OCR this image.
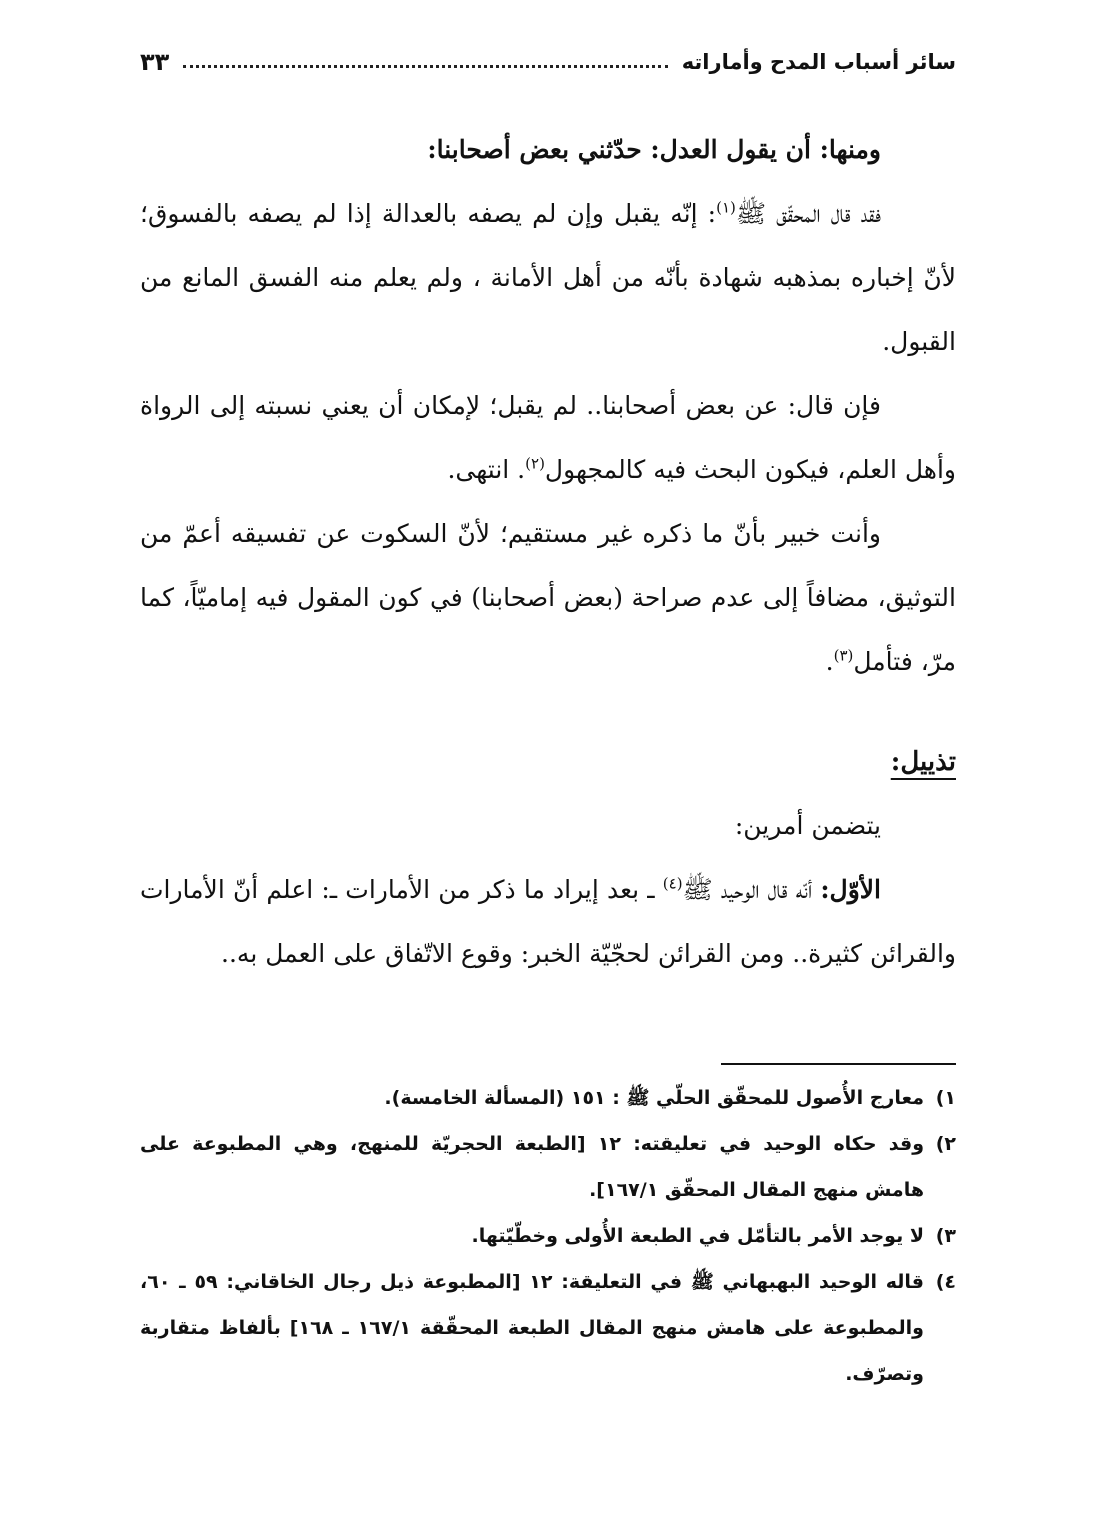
سائر أسباب المدح وأماراته
٣٣

ومنها: أن يقول العدل: حدّثني بعض أصحابنا:

فقد قال المحقّق ﷺ$^{(١)}$: إنّه يقبل وإن لم يصفه بالعدالة إذا لم يصفه بالفسوق؛ لأنّ إخباره بمذهبه شهادة بأنّه من أهل الأمانة ، ولم يعلم منه الفسق المانع من القبول.

فإن قال: عن بعض أصحابنا.. لم يقبل؛ لإمكان أن يعني نسبته إلى الرواة وأهل العلم، فيكون البحث فيه كالمجهول$^{(٢)}$. انتهى.

وأنت خبير بأنّ ما ذكره غير مستقيم؛ لأنّ السكوت عن تفسيقه أعمّ من التوثيق، مضافاً إلى عدم صراحة (بعض أصحابنا) في كون المقول فيه إماميّاً، كما مرّ، فتأمل$^{(٣)}$.

تذييل:

يتضمن أمرين:

الأوّل: أنّه قال الوحيد ﷺ$^{(٤)}$ ـ بعد إيراد ما ذكر من الأمارات ـ: اعلم أنّ الأمارات والقرائن كثيرة.. ومن القرائن لحجّيّة الخبر: وقوع الاتّفاق على العمل به..

١)
معارج الأُصول للمحقّق الحلّي ﷺ : ١٥١ (المسألة الخامسة).

٢)
وقد حكاه الوحيد في تعليقته: ١٢ [الطبعة الحجريّة للمنهج، وهي المطبوعة على هامش منهج المقال المحقّق ١٦٧/١].

٣)
لا يوجد الأمر بالتأمّل في الطبعة الأُولى وخطّيّتها.

٤)
قاله الوحيد البهبهاني ﷺ في التعليقة: ١٢ [المطبوعة ذيل رجال الخاقاني: ٥٩ ـ ٦٠، والمطبوعة على هامش منهج المقال الطبعة المحقّقة ١٦٧/١ ـ ١٦٨] بألفاظ متقاربة وتصرّف.
